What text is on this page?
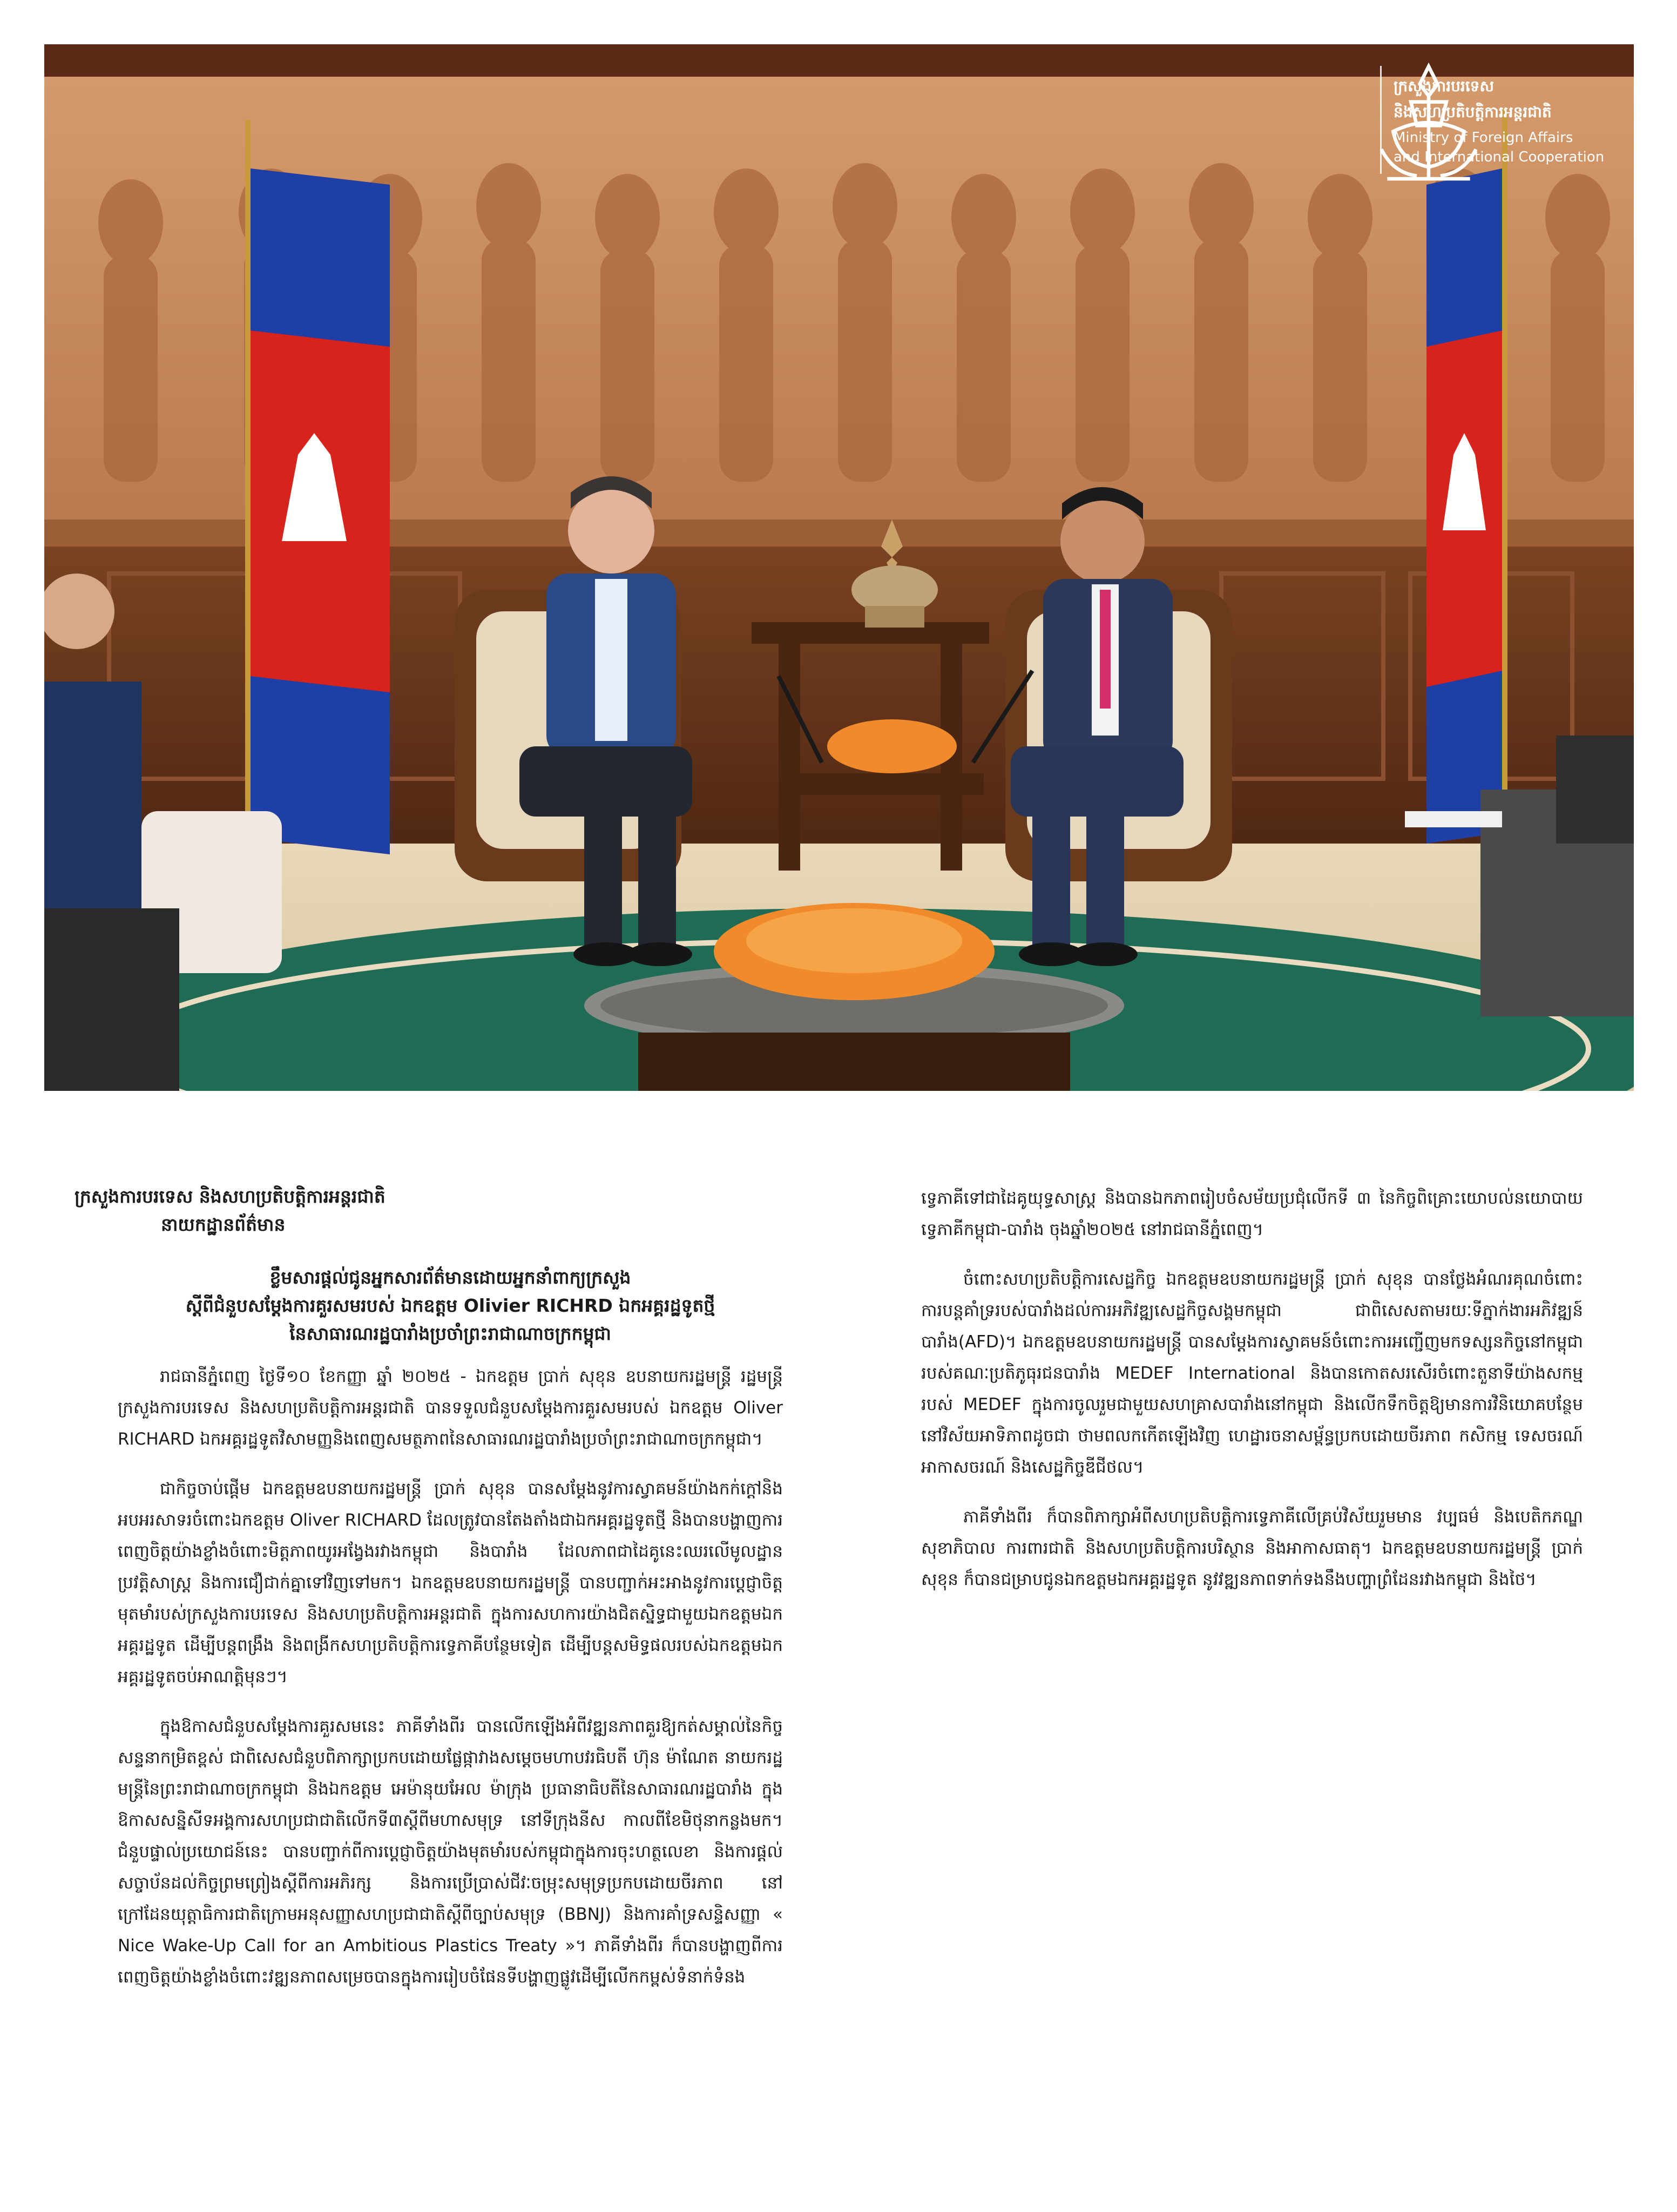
ក្រសួងការបរទេស
និងសហប្រតិបត្តិការអន្តរជាតិ
Ministry of Foreign Affairs
and International Cooperation

ក្រសួងការបរទេស និងសហប្រតិបត្តិការអន្តរជាតិ

នាយកដ្ឋានព័ត៌មាន

ខ្លឹមសារផ្តល់ជូនអ្នកសារព័ត៌មានដោយអ្នកនាំពាក្យក្រសួង

ស្តីពីជំនួបសម្តែងការគួរសមរបស់ ឯកឧត្តម Olivier RICHRD ឯកអគ្គរដ្ឋទូតថ្មី

នៃសាធារណរដ្ឋបារាំងប្រចាំព្រះរាជាណាចក្រកម្ពុជា

រាជធានីភ្នំពេញ ថ្ងៃទី១០ ខែកញ្ញា ឆ្នាំ ២០២៥ - ឯកឧត្តម ប្រាក់ សុខុន ឧបនាយករដ្ឋមន្ត្រី រដ្ឋមន្ត្រីក្រសួងការបរទេស និងសហប្រតិបត្តិការអន្តរជាតិ បានទទួលជំនួបសម្តែងការគួរសមរបស់ ឯកឧត្តម Oliver RICHARD ឯកអគ្គរដ្ឋទូតវិសាមញ្ញនិងពេញសមត្ថភាពនៃសាធារណរដ្ឋបារាំងប្រចាំព្រះរាជាណាចក្រកម្ពុជា។

ជាកិច្ចចាប់ផ្តើម ឯកឧត្តមឧបនាយករដ្ឋមន្ត្រី ប្រាក់ សុខុន បានសម្តែងនូវការស្វាគមន៍យ៉ាងកក់ក្តៅនិងអបអរសាទរចំពោះឯកឧត្តម Oliver RICHARD ដែលត្រូវបានតែងតាំងជាឯកអគ្គរដ្ឋទូតថ្មី និងបានបង្ហាញការពេញចិត្តយ៉ាងខ្លាំងចំពោះមិត្តភាពយូរអង្វែងរវាងកម្ពុជា និងបារាំង ដែលភាពជាដៃគូនេះឈរលើមូលដ្ឋានប្រវត្តិសាស្ត្រ និងការជឿជាក់គ្នាទៅវិញទៅមក។ ឯកឧត្តមឧបនាយករដ្ឋមន្ត្រី បានបញ្ជាក់អះអាងនូវការប្តេជ្ញាចិត្តមុតមាំរបស់ក្រសួងការបរទេស និងសហប្រតិបត្តិការអន្តរជាតិ ក្នុងការសហការយ៉ាងជិតស្និទ្ធជាមួយឯកឧត្តមឯកអគ្គរដ្ឋទូត ដើម្បីបន្តពង្រឹង និងពង្រីកសហប្រតិបត្តិការទ្វេភាគីបន្ថែមទៀត ដើម្បីបន្តសមិទ្ធផលរបស់ឯកឧត្តមឯកអគ្គរដ្ឋទូតចប់អាណត្តិមុនៗ។

ក្នុងឱកាសជំនួបសម្តែងការគួរសមនេះ ភាគីទាំងពីរ បានលើកឡើងអំពីវឌ្ឍនភាពគួរឱ្យកត់សម្គាល់នៃកិច្ចសន្ទនាកម្រិតខ្ពស់ ជាពិសេសជំនួបពិភាក្សាប្រកបដោយផ្លែផ្កាវាងសម្តេចមហាបវរធិបតី ហ៊ុន ម៉ាណែត នាយករដ្ឋមន្ត្រីនៃព្រះរាជាណាចក្រកម្ពុជា និងឯកឧត្តម អេម៉ានុយអែល ម៉ាក្រុង ប្រធានាធិបតីនៃសាធារណរដ្ឋបារាំង ក្នុងឱកាសសន្និសីទអង្គការសហប្រជាជាតិលើកទី៣ស្តីពីមហាសមុទ្រ នៅទីក្រុងនីស កាលពីខែមិថុនាកន្លងមក។ ជំនួបផ្ទាល់ប្រយោជន៍នេះ បានបញ្ជាក់ពីការប្តេជ្ញាចិត្តយ៉ាងមុតមាំរបស់កម្ពុជាក្នុងការចុះហត្ថលេខា និងការផ្តល់សច្ចាប័នដល់កិច្ចព្រមព្រៀងស្តីពីការអភិរក្ស និងការប្រើប្រាស់ជីវៈចម្រុះសមុទ្រប្រកបដោយចីរភាព នៅក្រៅដែនយុត្តាធិការជាតិក្រោមអនុសញ្ញាសហប្រជាជាតិស្តីពីច្បាប់សមុទ្រ (BBNJ) និងការគាំទ្រសន្ទិសញ្ញា « Nice Wake-Up Call for an Ambitious Plastics Treaty »។ ភាគីទាំងពីរ ក៏បានបង្ហាញពីការពេញចិត្តយ៉ាងខ្លាំងចំពោះវឌ្ឍនភាពសម្រេចបានក្នុងការរៀបចំផែនទីបង្ហាញផ្លូវដើម្បីលើកកម្ពស់ទំនាក់ទំនង

ទ្វេភាគីទៅជាដៃគូយុទ្ធសាស្ត្រ និងបានឯកភាពរៀបចំសម័យប្រជុំលើកទី ៣ នៃកិច្ចពិគ្រោះយោបល់នយោបាយទ្វេភាគីកម្ពុជា-បារាំង ចុងឆ្នាំ២០២៥ នៅរាជធានីភ្នំពេញ។

ចំពោះសហប្រតិបត្តិការសេដ្ឋកិច្ច ឯកឧត្តមឧបនាយករដ្ឋមន្ត្រី ប្រាក់ សុខុន បានថ្លែងអំណរគុណចំពោះការបន្តគាំទ្ររបស់បារាំងដល់ការអភិវឌ្ឍសេដ្ឋកិច្ចសង្គមកម្ពុជា ជាពិសេសតាមរយៈទីភ្នាក់ងារអភិវឌ្ឍន៍បារាំង(AFD)។ ឯកឧត្តមឧបនាយករដ្ឋមន្ត្រី បានសម្តែងការស្វាគមន៍ចំពោះការអញ្ជើញមកទស្សនកិច្ចនៅកម្ពុជារបស់គណៈប្រតិភូធុរជនបារាំង MEDEF International និងបានកោតសរសើរចំពោះតួនាទីយ៉ាងសកម្មរបស់ MEDEF ក្នុងការចូលរួមជាមួយសហគ្រាសបារាំងនៅកម្ពុជា និងលើកទឹកចិត្តឱ្យមានការវិនិយោគបន្ថែមនៅវិស័យអាទិភាពដូចជា ថាមពលកកើតឡើងវិញ ហេដ្ឋារចនាសម្ព័ន្ធប្រកបដោយចីរភាព កសិកម្ម ទេសចរណ៍ អាកាសចរណ៍ និងសេដ្ឋកិច្ចឌីជីថល។

ភាគីទាំងពីរ ក៏បានពិភាក្សាអំពីសហប្រតិបត្តិការទ្វេភាគីលើគ្រប់វិស័យរួមមាន វប្បធម៌ និងបេតិកភណ្ឌ សុខាភិបាល ការពារជាតិ និងសហប្រតិបត្តិការបរិស្ថាន និងអាកាសធាតុ។ ឯកឧត្តមឧបនាយករដ្ឋមន្ត្រី ប្រាក់ សុខុន ក៏បានជម្រាបជូនឯកឧត្តមឯកអគ្គរដ្ឋទូត នូវវឌ្ឍនភាពទាក់ទងនឹងបញ្ហាព្រំដែនរវាងកម្ពុជា និងថៃ។
